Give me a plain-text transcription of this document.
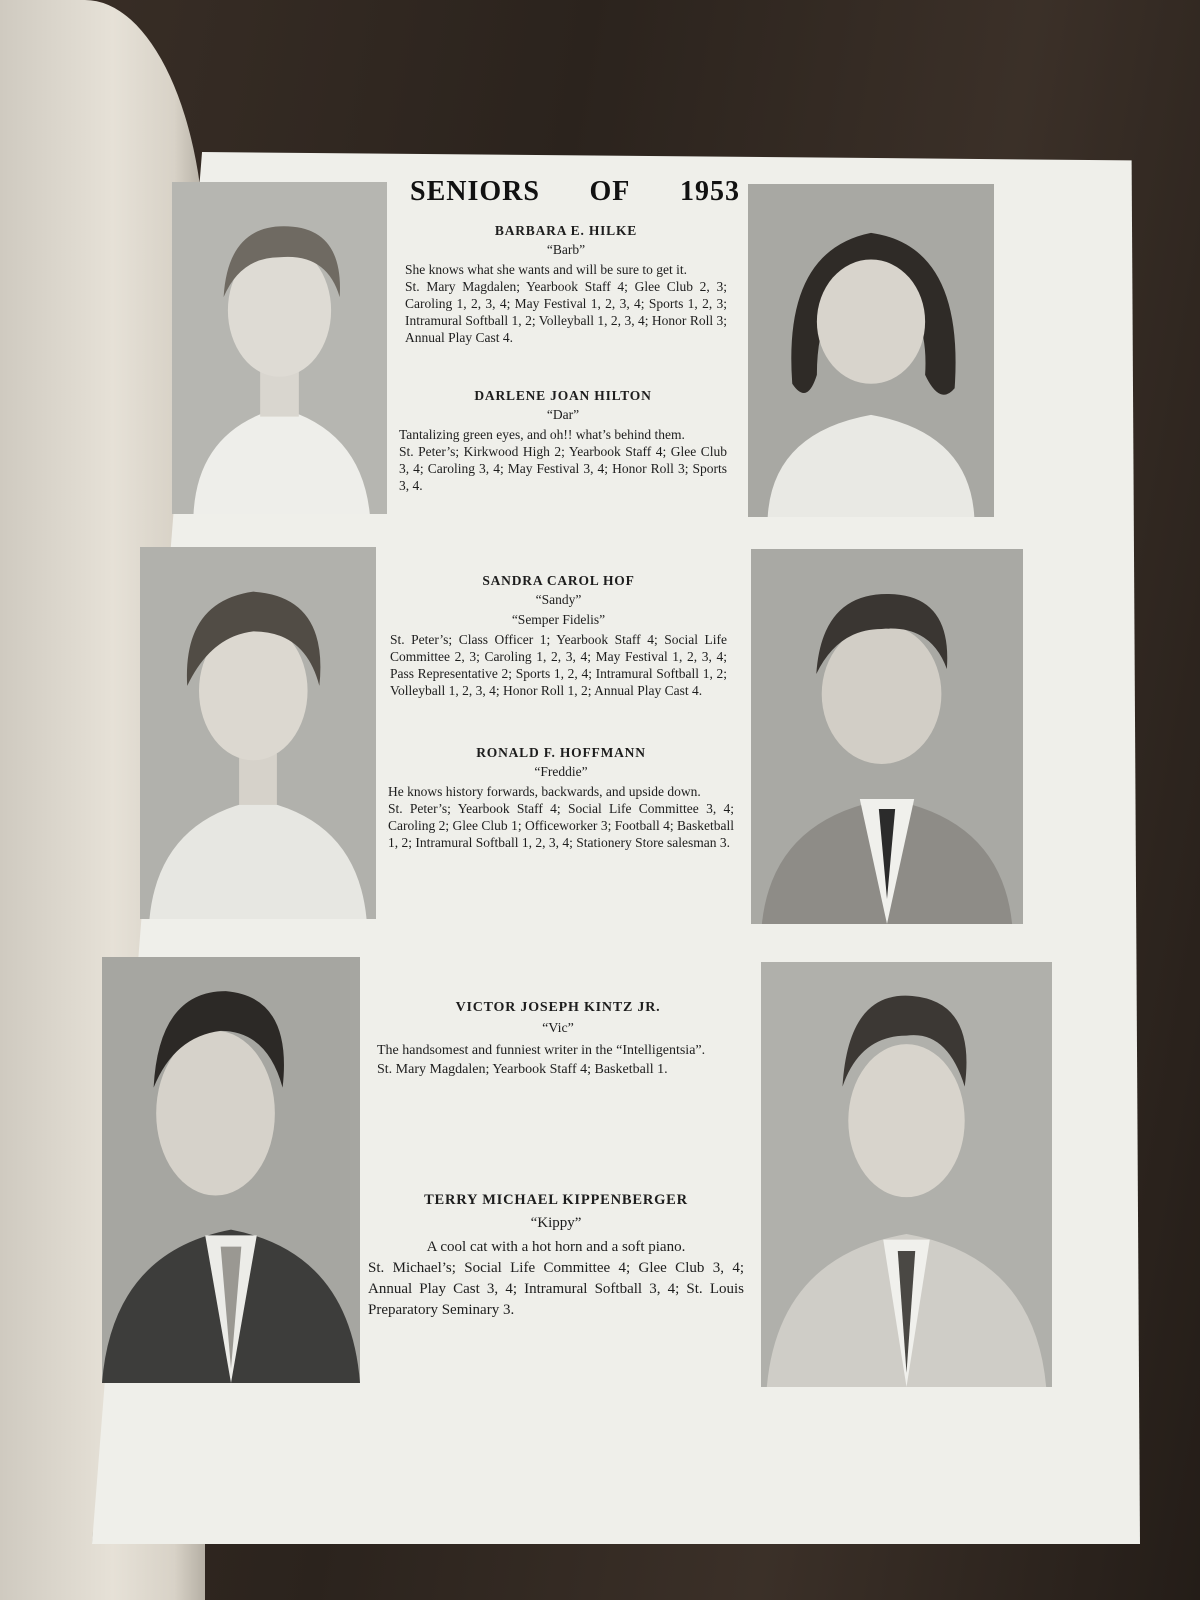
SENIORS OF 1953
BARBARA E. HILKE
“Barb”
She knows what she wants and will be sure to get it.
St. Mary Magdalen; Yearbook Staff 4; Glee Club 2, 3; Caroling 1, 2, 3, 4; May Festival 1, 2, 3, 4; Sports 1, 2, 3; Intramural Softball 1, 2; Volleyball 1, 2, 3, 4; Honor Roll 3; Annual Play Cast 4.
DARLENE JOAN HILTON
“Dar”
Tantalizing green eyes, and oh!! what’s behind them.
St. Peter’s; Kirkwood High 2; Yearbook Staff 4; Glee Club 3, 4; Caroling 3, 4; May Festival 3, 4; Honor Roll 3; Sports 3, 4.
SANDRA CAROL HOF
“Sandy”
“Semper Fidelis”
St. Peter’s; Class Officer 1; Yearbook Staff 4; Social Life Committee 2, 3; Caroling 1, 2, 3, 4; May Festival 1, 2, 3, 4; Pass Representative 2; Sports 1, 2, 4; Intramural Softball 1, 2; Volleyball 1, 2, 3, 4; Honor Roll 1, 2; Annual Play Cast 4.
RONALD F. HOFFMANN
“Freddie”
He knows history forwards, backwards, and upside down.
St. Peter’s; Yearbook Staff 4; Social Life Committee 3, 4; Caroling 2; Glee Club 1; Officeworker 3; Football 4; Basketball 1, 2; Intramural Softball 1, 2, 3, 4; Stationery Store salesman 3.
VICTOR JOSEPH KINTZ JR.
“Vic”
The handsomest and funniest writer in the “Intelligentsia”.
St. Mary Magdalen; Yearbook Staff 4; Basketball 1.
TERRY MICHAEL KIPPENBERGER
“Kippy”
A cool cat with a hot horn and a soft piano.
St. Michael’s; Social Life Committee 4; Glee Club 3, 4; Annual Play Cast 3, 4; Intramural Softball 3, 4; St. Louis Preparatory Seminary 3.
